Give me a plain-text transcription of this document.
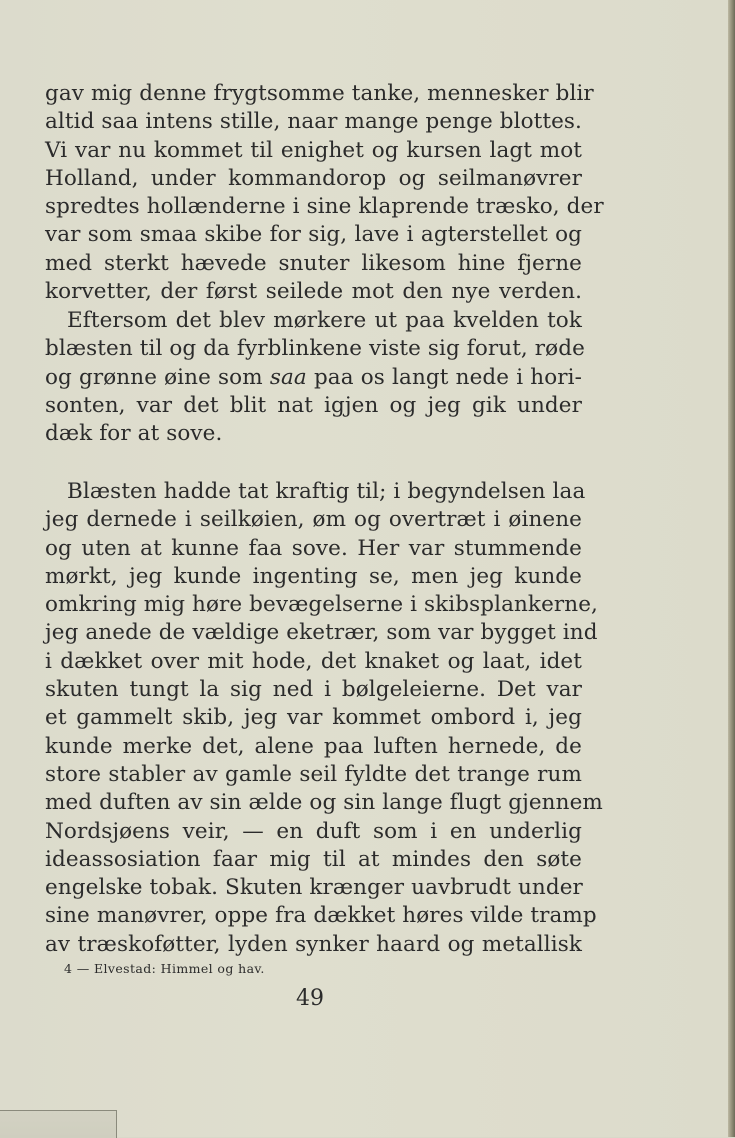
gav mig denne frygtsomme tanke, mennesker blir
altid saa intens stille, naar mange penge blottes.
Vi var nu kommet til enighet og kursen lagt mot
Holland, under kommandorop og seilmanøvrer
spredtes hollænderne i sine klaprende træsko, der
var som smaa skibe for sig, lave i agterstellet og
med sterkt hævede snuter likesom hine fjerne
korvetter, der først seilede mot den nye verden.
Eftersom det blev mørkere ut paa kvelden tok
blæsten til og da fyrblinkene viste sig forut, røde
og grønne øine som saa paa os langt nede i hori-
sonten, var det blit nat igjen og jeg gik under
dæk for at sove.
Blæsten hadde tat kraftig til; i begyndelsen laa
jeg dernede i seilkøien, øm og overtræt i øinene
og uten at kunne faa sove. Her var stummende
mørkt, jeg kunde ingenting se, men jeg kunde
omkring mig høre bevægelserne i skibsplankerne,
jeg anede de vældige eketrær, som var bygget ind
i dækket over mit hode, det knaket og laat, idet
skuten tungt la sig ned i bølgeleierne. Det var
et gammelt skib, jeg var kommet ombord i, jeg
kunde merke det, alene paa luften hernede, de
store stabler av gamle seil fyldte det trange rum
med duften av sin ælde og sin lange flugt gjennem
Nordsjøens veir, — en duft som i en underlig
ideassosiation faar mig til at mindes den søte
engelske tobak. Skuten krænger uavbrudt under
sine manøvrer, oppe fra dækket høres vilde tramp
av træskoføtter, lyden synker haard og metallisk
4 — Elvestad: Himmel og hav.
49
